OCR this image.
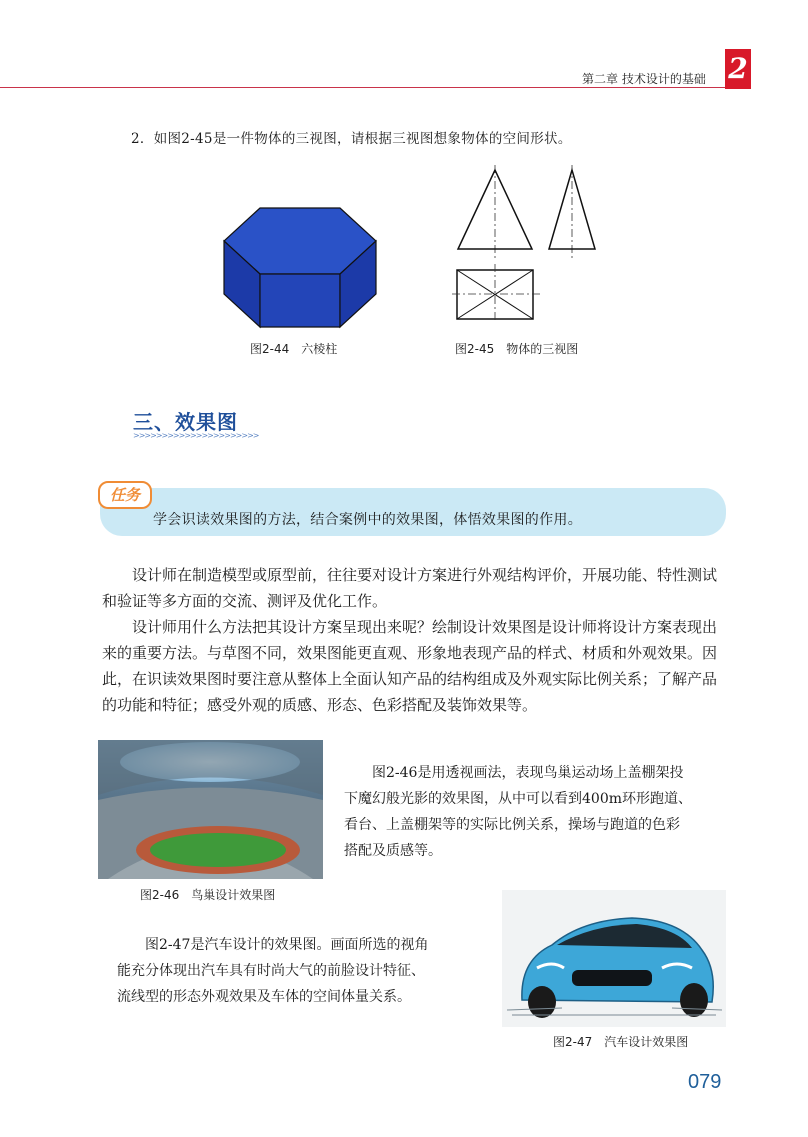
第二章 技术设计的基础 2
2．如图2-45是一件物体的三视图，请根据三视图想象物体的空间形状。
图2-44　六棱柱	图2-45　物体的三视图
三、效果图
>>>>>>>>>>>>>>>>>>>>>>
任务
学会识读效果图的方法，结合案例中的效果图，体悟效果图的作用。

设计师在制造模型或原型前，往往要对设计方案进行外观结构评价，开展功能、特性测试和验证等多方面的交流、测评及优化工作。

设计师用什么方法把其设计方案呈现出来呢？绘制设计效果图是设计师将设计方案表现出来的重要方法。与草图不同，效果图能更直观、形象地表现产品的样式、材质和外观效果。因此，在识读效果图时要注意从整体上全面认知产品的结构组成及外观实际比例关系；了解产品的功能和特征；感受外观的质感、形态、色彩搭配及装饰效果等。

图2-46　鸟巢设计效果图
图2-46是用透视画法，表现鸟巢运动场上盖棚架投
下魔幻般光影的效果图，从中可以看到400m环形跑道、
看台、上盖棚架等的实际比例关系，操场与跑道的色彩
搭配及质感等。
图2-47　汽车设计效果图
图2-47是汽车设计的效果图。画面所选的视角
能充分体现出汽车具有时尚大气的前脸设计特征、
流线型的形态外观效果及车体的空间体量关系。
079
